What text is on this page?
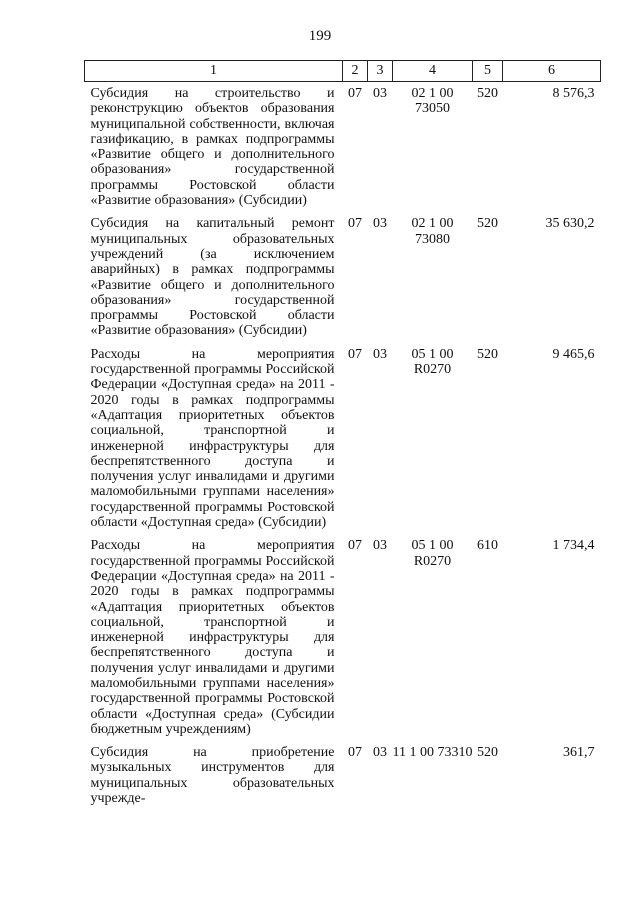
199
1	2	3	4	5	6
Субсидия на строительство и реконструкцию объектов образования муниципальной собственности, включая газификацию, в рамках подпрограммы «Развитие общего и дополнительного образования» государственной программы Ростовской области «Развитие образования» (Субсидии)	07	03	02 1 00 73050	520	8 576,3
Субсидия на капитальный ремонт муниципальных образовательных учреждений (за исключением аварийных) в рамках подпрограммы «Развитие общего и дополнительного образования» государственной программы Ростовской области «Развитие образования» (Субсидии)	07	03	02 1 00 73080	520	35 630,2
Расходы на мероприятия государственной программы Российской Федерации «Доступная среда» на 2011 - 2020 годы в рамках подпрограммы «Адаптация приоритетных объектов социальной, транспортной и инженерной инфраструктуры для беспрепятственного доступа и получения услуг инвалидами и другими маломобильными группами населения» государственной программы Ростовской области «Доступная среда» (Субсидии)	07	03	05 1 00 R0270	520	9 465,6
Расходы на мероприятия государственной программы Российской Федерации «Доступная среда» на 2011 - 2020 годы в рамках подпрограммы «Адаптация приоритетных объектов социальной, транспортной и инженерной инфраструктуры для беспрепятственного доступа и получения услуг инвалидами и другими маломобильными группами населения» государственной программы Ростовской области «Доступная среда» (Субсидии бюджетным учреждениям)	07	03	05 1 00 R0270	610	1 734,4
Субсидия на приобретение музыкальных инструментов для муниципальных образовательных учрежде-	07	03	11 1 00 73310	520	361,7
